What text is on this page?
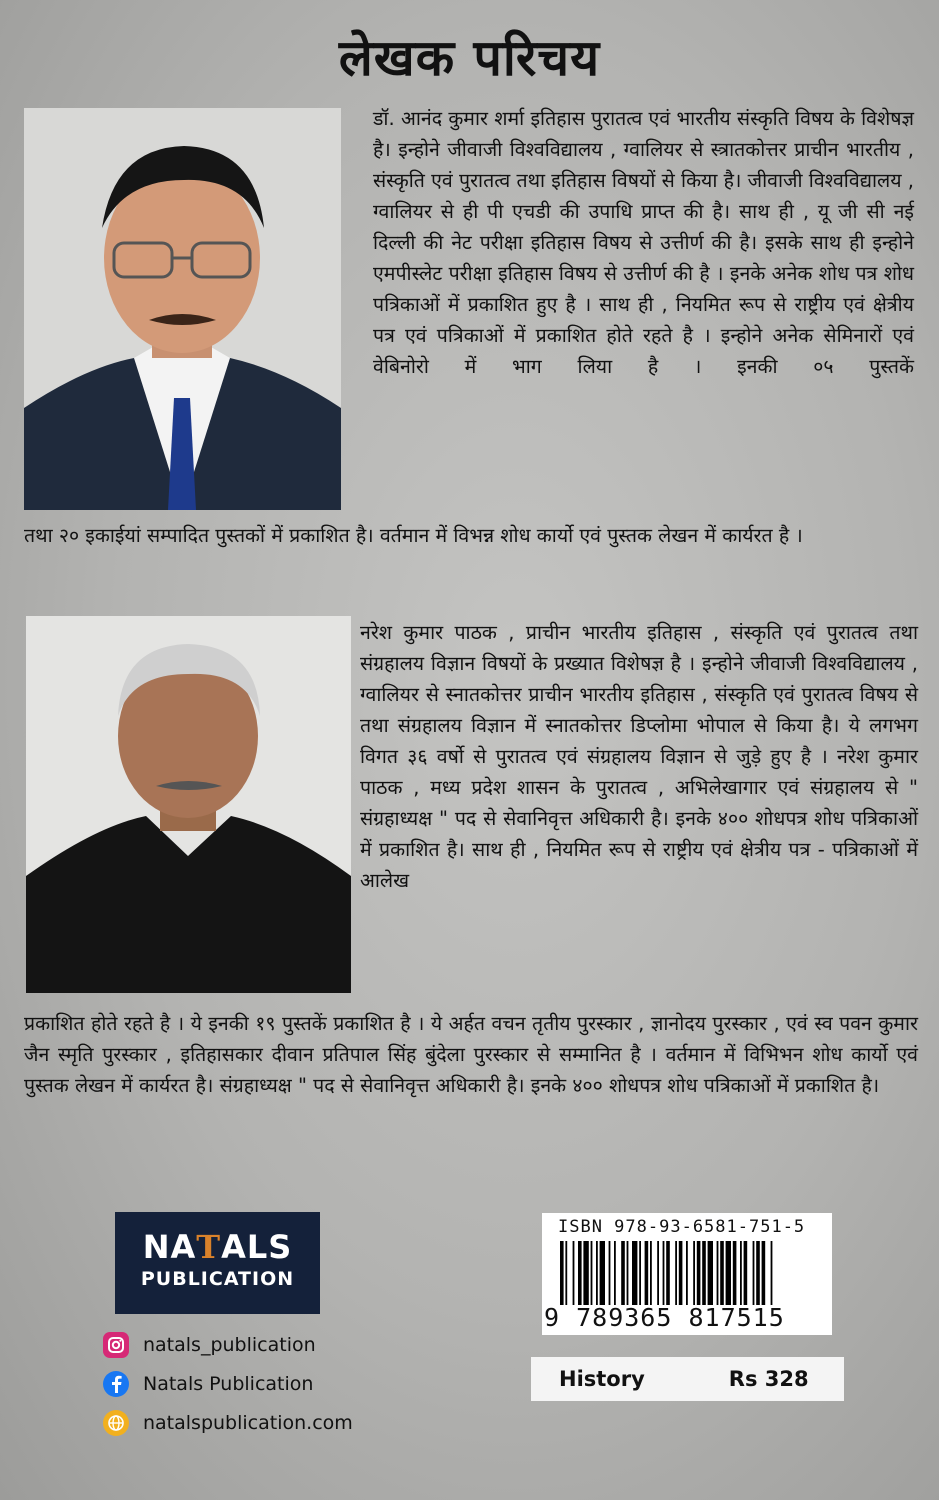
लेखक परिचय

डॉ. आनंद कुमार शर्मा इतिहास पुरातत्व एवं भारतीय संस्कृति विषय के विशेषज्ञ है। इन्होने जीवाजी विश्वविद्यालय , ग्वालियर से स्त्रातकोत्तर प्राचीन भारतीय , संस्कृति एवं पुरातत्व तथा इतिहास विषयों से किया है। जीवाजी विश्वविद्यालय , ग्वालियर से ही पी एचडी की उपाधि प्राप्त की है। साथ ही , यू जी सी नई दिल्ली की नेट परीक्षा इतिहास विषय से उत्तीर्ण की है। इसके साथ ही इन्होने एमपीस्लेट परीक्षा इतिहास विषय से उत्तीर्ण की है । इनके अनेक शोध पत्र शोध पत्रिकाओं में प्रकाशित हुए है । साथ ही , नियमित रूप से राष्ट्रीय एवं क्षेत्रीय पत्र एवं पत्रिकाओं में प्रकाशित होते रहते है । इन्होने अनेक सेमिनारों एवं वेबिनोरो में भाग लिया है । इनकी ०५ पुस्तकें

तथा २० इकाईयां सम्पादित पुस्तकों में प्रकाशित है। वर्तमान में विभन्न शोध कार्यो एवं पुस्तक लेखन में कार्यरत है ।

नरेश कुमार पाठक , प्राचीन भारतीय इतिहास , संस्कृति एवं पुरातत्व तथा संग्रहालय विज्ञान विषयों के प्रख्यात विशेषज्ञ है । इन्होने जीवाजी विश्वविद्यालय , ग्वालियर से स्नातकोत्तर प्राचीन भारतीय इतिहास , संस्कृति एवं पुरातत्व विषय से तथा संग्रहालय विज्ञान में स्नातकोत्तर डिप्लोमा भोपाल से किया है। ये लगभग विगत ३६ वर्षो से पुरातत्व एवं संग्रहालय विज्ञान से जुड़े हुए है । नरेश कुमार पाठक , मध्य प्रदेश शासन के पुरातत्व , अभिलेखागार एवं संग्रहालय से " संग्रहाध्यक्ष " पद से सेवानिवृत्त अधिकारी है। इनके ४०० शोधपत्र शोध पत्रिकाओं में प्रकाशित है। साथ ही , नियमित रूप से राष्ट्रीय एवं क्षेत्रीय पत्र - पत्रिकाओं में आलेख

प्रकाशित होते रहते है । ये इनकी १९ पुस्तकें प्रकाशित है । ये अर्हत वचन तृतीय पुरस्कार , ज्ञानोदय पुरस्कार , एवं स्व पवन कुमार जैन स्मृति पुरस्कार , इतिहासकार दीवान प्रतिपाल सिंह बुंदेला पुरस्कार से सम्मानित है । वर्तमान में विभिभन शोध कार्यो एवं पुस्तक लेखन में कार्यरत है। संग्रहाध्यक्ष " पद से सेवानिवृत्त अधिकारी है। इनके ४०० शोधपत्र शोध पत्रिकाओं में प्रकाशित है।

NATALS
PUBLICATION
natals_publication
Natals Publication
natalspublication.com
ISBN 978-93-6581-751-5
9 789365 817515
History	Rs 328
